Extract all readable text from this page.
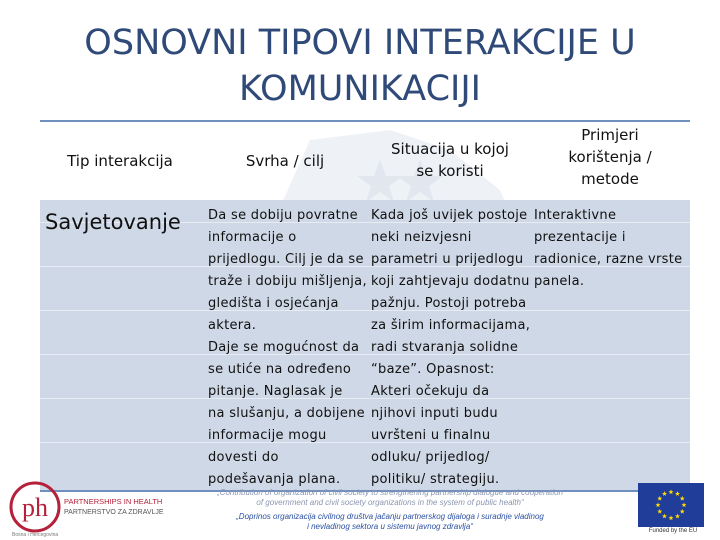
OSNOVNI TIPOVI INTERAKCIJE U
KOMUNIKACIJI
Tip interakcija	Svrha / cilj
Situacija u kojoj
se koristi
Primjeri
korištenja /
metode
Savjetovanje Da se dobiju povratne
informacije o
prijedlogu. Cilj je da se
traže i dobiju mišljenja,
gledišta i osjećanja
aktera.
Daje se mogućnost da
se utiće na određeno
pitanje. Naglasak je
na slušanju, a dobijene
informacije mogu
dovesti do
podešavanja plana.
Kada još uvijek postoje
neki neizvjesni
parametri u prijedlogu
koji zahtjevaju dodatnu
pažnju. Postoji potreba
za širim informacijama,
radi stvaranja solidne
“baze”. Opasnost:
Akteri očekuju da
njihovi inputi budu
uvršteni u finalnu
odluku/ prijedlog/
politiku/ strategiju.
Interaktivne
prezentacije i
radionice, razne vrste
panela.
„Contribution of organization of civil society to strengthening partnership dialogue and cooperation
of government and civil society organizations in the system of public health“
„Doprinos organizacija civilnog društva jačanju partnerskog dijaloga i suradnje vladinog
i nevladinog sektora u sistemu javnog zdravlja“
ph PARTNERSHIPS IN HEALTH
PARTNERSTVO ZA ZDRAVLJE
Bosna i Hercegovina
Funded by the EU
